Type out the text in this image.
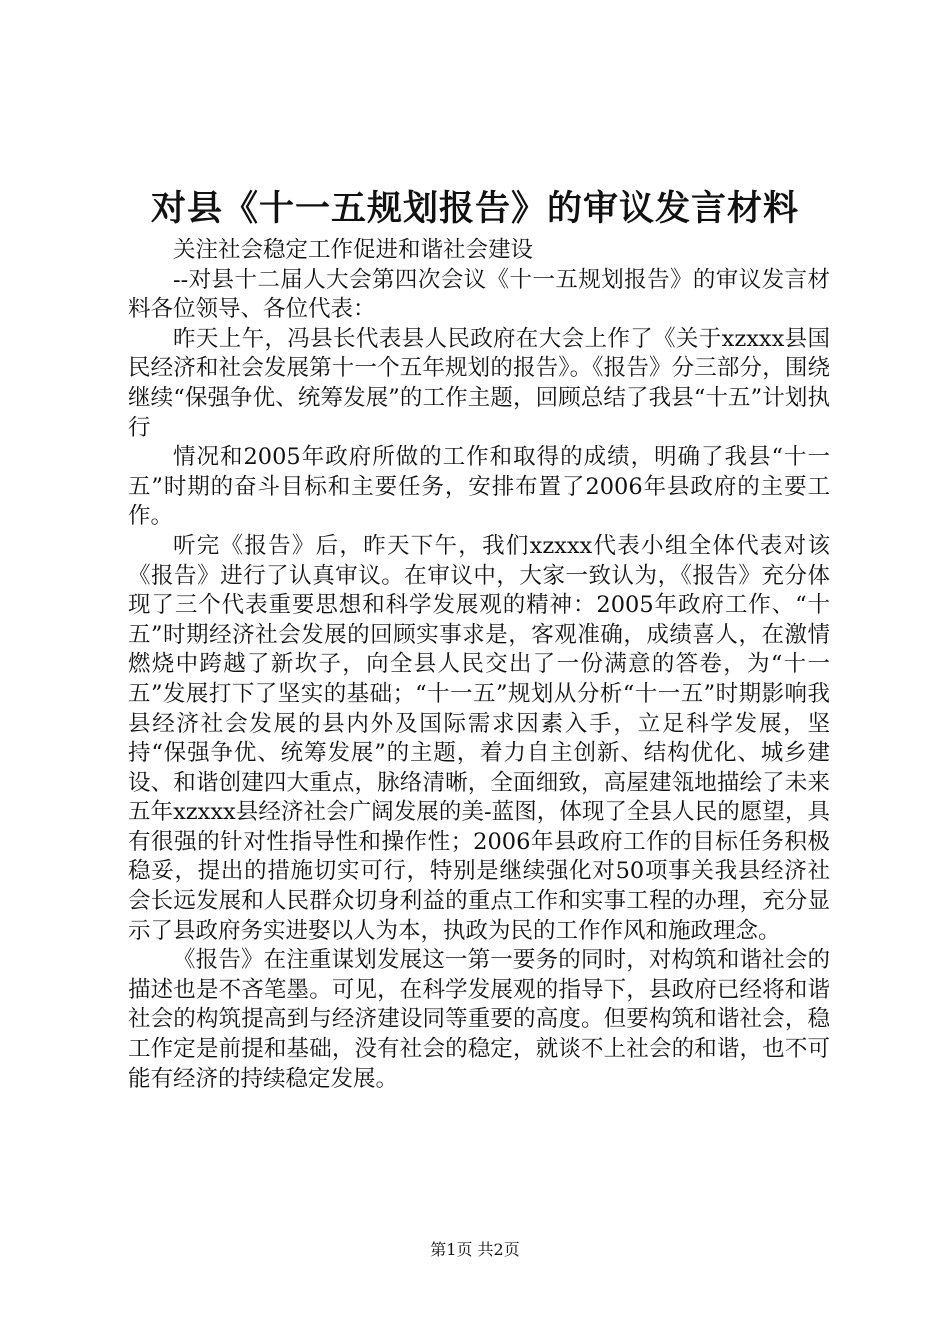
对县《十一五规划报告》的审议发言材料

关注社会稳定工作促进和谐社会建设

--对县十二届人大会第四次会议《十一五规划报告》的审议发言材料各位领导、各位代表：

昨天上午，冯县长代表县人民政府在大会上作了《关于xzxxx县国民经济和社会发展第十一个五年规划的报告》。《报告》分三部分，围绕继续“保强争优、统筹发展”的工作主题，回顾总结了我县“十五”计划执行

情况和2005年政府所做的工作和取得的成绩，明确了我县“十一五”时期的奋斗目标和主要任务，安排布置了2006年县政府的主要工作。

听完《报告》后，昨天下午，我们xzxxx代表小组全体代表对该《报告》进行了认真审议。在审议中，大家一致认为，《报告》充分体现了三个代表重要思想和科学发展观的精神：2005年政府工作、“十五”时期经济社会发展的回顾实事求是，客观准确，成绩喜人，在激情燃烧中跨越了新坎子，向全县人民交出了一份满意的答卷，为“十一五”发展打下了坚实的基础；“十一五”规划从分析“十一五”时期影响我县经济社会发展的县内外及国际需求因素入手，立足科学发展，坚持“保强争优、统筹发展”的主题，着力自主创新、结构优化、城乡建设、和谐创建四大重点，脉络清晰，全面细致，高屋建瓴地描绘了未来五年xzxxx县经济社会广阔发展的美-蓝图，体现了全县人民的愿望，具有很强的针对性指导性和操作性；2006年县政府工作的目标任务积极稳妥，提出的措施切实可行，特别是继续强化对50项事关我县经济社会长远发展和人民群众切身利益的重点工作和实事工程的办理，充分显示了县政府务实进娶以人为本，执政为民的工作作风和施政理念。

《报告》在注重谋划发展这一第一要务的同时，对构筑和谐社会的描述也是不吝笔墨。可见，在科学发展观的指导下，县政府已经将和谐社会的构筑提高到与经济建设同等重要的高度。但要构筑和谐社会，稳工作定是前提和基础，没有社会的稳定，就谈不上社会的和谐，也不可能有经济的持续稳定发展。

第1页 共2页
